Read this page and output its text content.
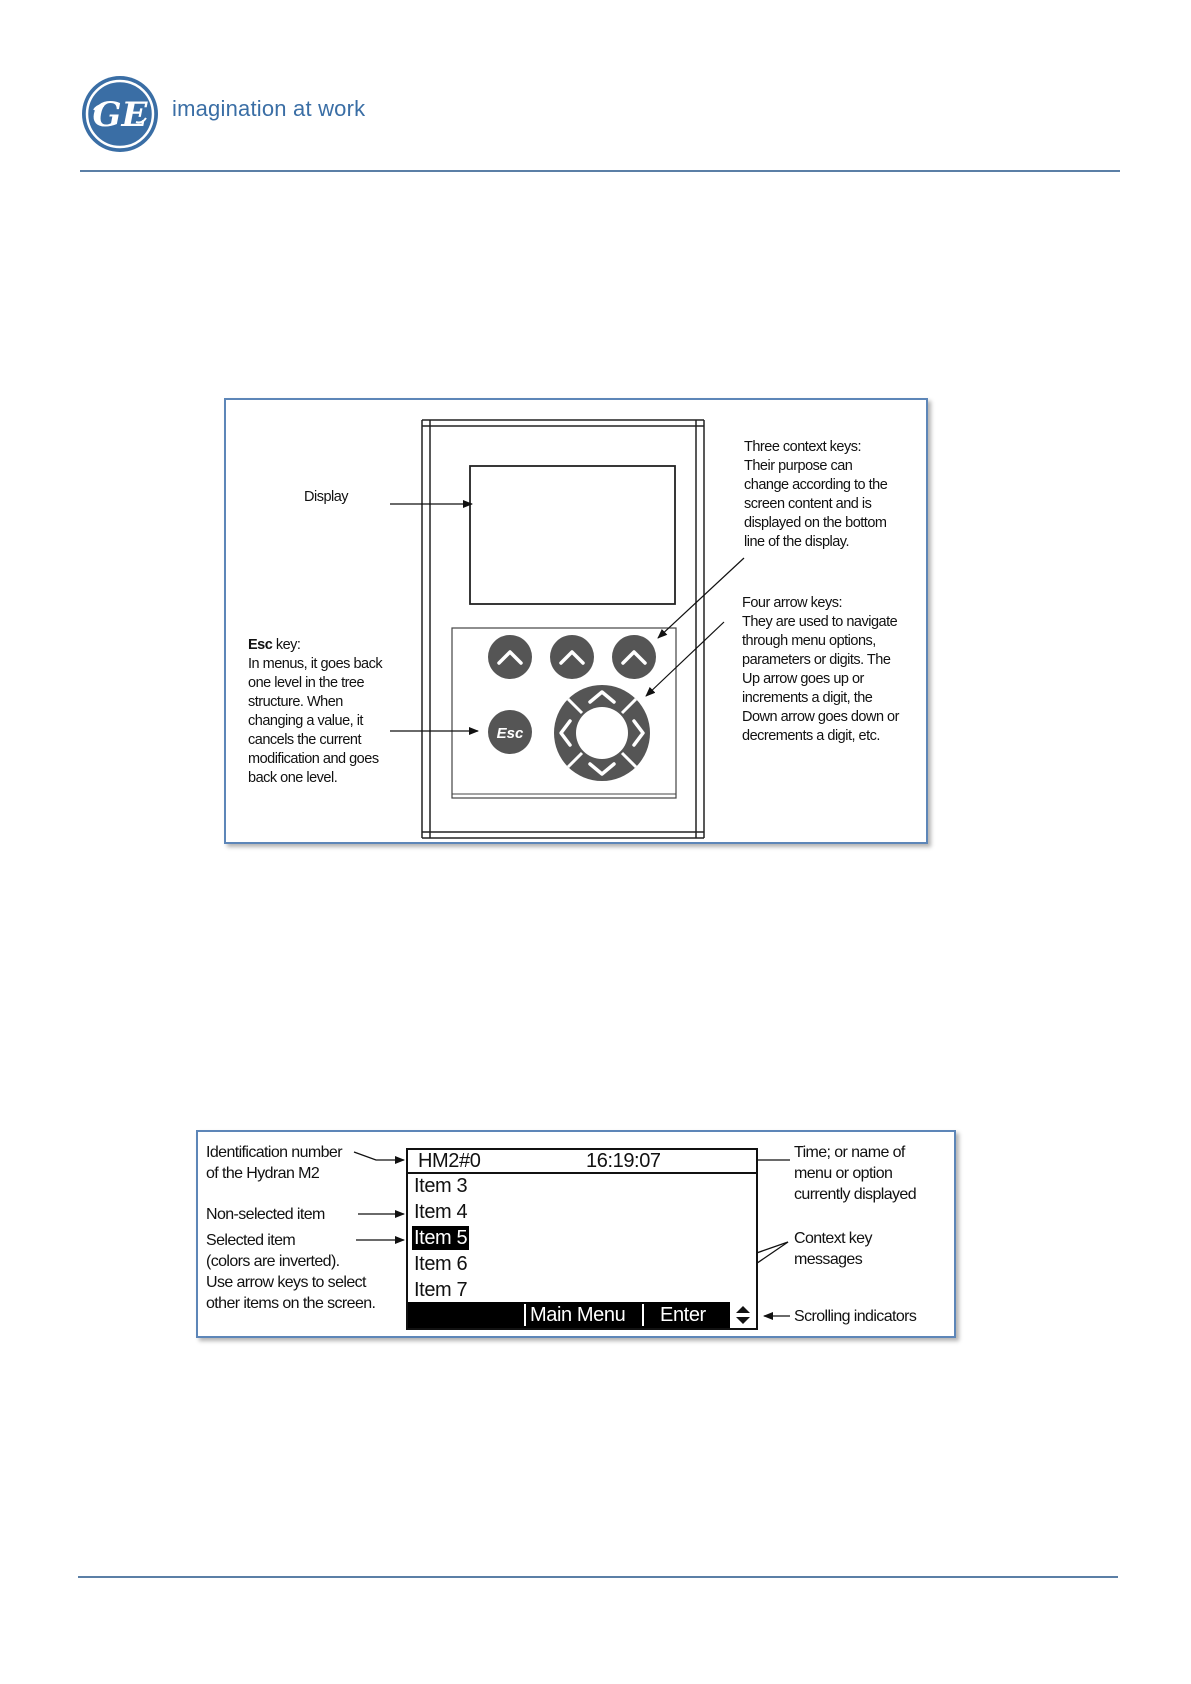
GE imagination at work
Esc
Display
Three context keys:
Their purpose can
change according to the
screen content and is
displayed on the bottom
line of the display.
Four arrow keys:
They are used to navigate
through menu options,
parameters or digits. The
Up arrow goes up or
increments a digit, the
Down arrow goes down or
decrements a digit, etc.
Esc key:
In menus, it goes back
one level in the tree
structure. When
changing a value, it
cancels the current
modification and goes
back one level.
Identification number
of the Hydran M2
Non-selected item
Selected item
(colors are inverted).
Use arrow keys to select
other items on the screen.
Time; or name of
menu or option
currently displayed
Context key
messages
Scrolling indicators
HM2#0	16:19:07
Item 3
Item 4
Item 5
Item 6
Item 7
Main Menu Enter
